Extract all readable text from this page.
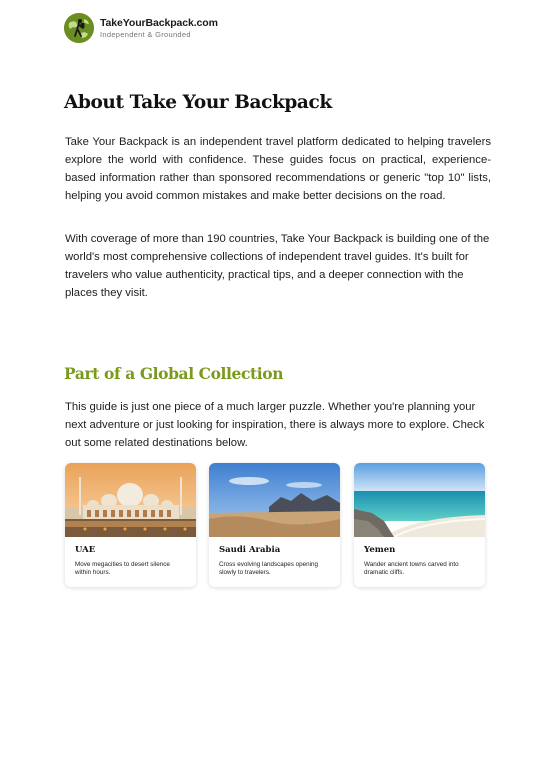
TakeYourBackpack.com
Independent & Grounded
About Take Your Backpack

Take Your Backpack is an independent travel platform dedicated to helping travelers explore the world with confidence. These guides focus on practical, experience-based information rather than sponsored recommendations or generic "top 10" lists, helping you avoid common mistakes and make better decisions on the road.

With coverage of more than 190 countries, Take Your Backpack is building one of the world's most comprehensive collections of independent travel guides. It's built for travelers who value authenticity, practical tips, and a deeper connection with the places they visit.

Part of a Global Collection

This guide is just one piece of a much larger puzzle. Whether you're planning your next adventure or just looking for inspiration, there is always more to explore. Check out some related destinations below.

UAE
Move megacities to desert silence within hours.
Saudi Arabia
Cross evolving landscapes opening slowly to travelers.
Yemen
Wander ancient towns carved into dramatic cliffs.
